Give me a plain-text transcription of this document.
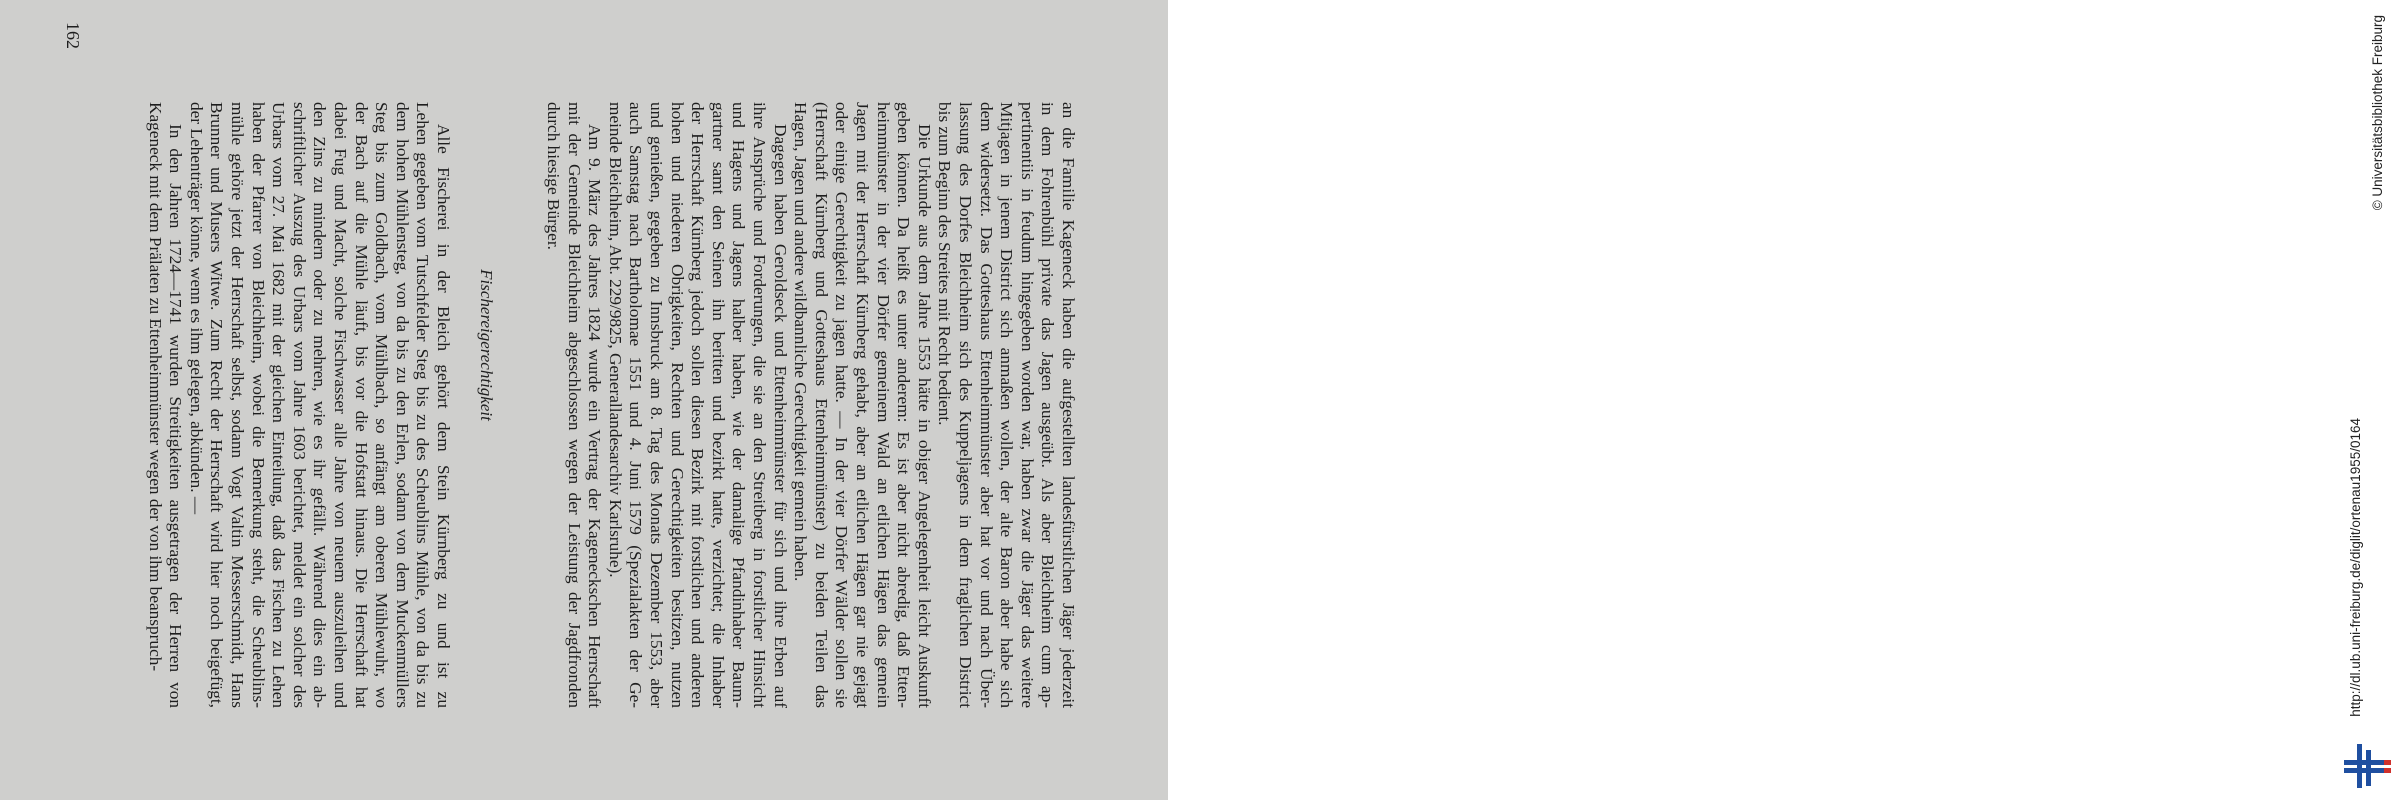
an die Familie Kageneck haben die aufgestellten landesfürstlichen Jäger jederzeit
in dem Fohrenbühl private das Jagen ausgeübt. Als aber Bleichheim cum ap-
pertinentiis in feudum hingegeben worden war, haben zwar die Jäger das weitere
Mitjagen in jenem District sich anmaßen wollen, der alte Baron aber habe sich
dem widersetzt. Das Gotteshaus Ettenheimmünster aber hat vor und nach Über-
lassung des Dorfes Bleichheim sich des Kuppeljagens in dem fraglichen District
bis zum Beginn des Streites mit Recht bedient.
Die Urkunde aus dem Jahre 1553 hätte in obiger Angelegenheit leicht Auskunft
geben können. Da heißt es unter anderem: Es ist aber nicht abredig, daß Etten-
heimmünster in der vier Dörfer gemeinem Wald an etlichen Hägen das gemein
Jagen mit der Herrschaft Kürnberg gehabt, aber an etlichen Hägen gar nie gejagt
oder einige Gerechtigkeit zu jagen hatte. — In der vier Dörfer Wälder sollen sie
(Herrschaft Kürnberg und Gotteshaus Ettenheimmünster) zu beiden Teilen das
Hagen, Jagen und andere wildbannliche Gerechtigkeit gemein haben.
Dagegen haben Geroldseck und Ettenheimmünster für sich und ihre Erben auf
ihre Ansprüche und Forderungen, die sie an den Streitberg in forstlicher Hinsicht
und Hagens und Jagens halber haben, wie der damalige Pfandinhaber Baum-
gartner samt den Seinen ihn beritten und bezirkt hatte, verzichtet; die Inhaber
der Herrschaft Kürnberg jedoch sollen diesen Bezirk mit forstlichen und anderen
hohen und niederen Obrigkeiten, Rechten und Gerechtigkeiten besitzen, nutzen
und genießen, gegeben zu Innsbruck am 8. Tag des Monats Dezember 1553, aber
auch Samstag nach Bartholomae 1551 und 4. Juni 1579 (Spezialakten der Ge-
meinde Bleichheim, Abt. 229/9825, Generallandesarchiv Karlsruhe).
Am 9. März des Jahres 1824 wurde ein Vertrag der Kageneckschen Herrschaft
mit der Gemeinde Bleichheim abgeschlossen wegen der Leistung der Jagdfronden
durch hiesige Bürger.
Fischereigerechtigkeit
Alle Fischerei in der Bleich gehört dem Stein Kürnberg zu und ist zu
Lehen gegeben vom Tutschfelder Steg bis zu des Scheublins Mühle, von da bis zu
dem hohen Mühlensteg, von da bis zu den Erlen, sodann von dem Muckenmüllers
Steg bis zum Goldbach, vom Mühlbach, so anfängt am oberen Mühlewuhr, wo
der Bach auf die Mühle läuft, bis vor die Hofstatt hinaus. Die Herrschaft hat
dabei Fug und Macht, solche Fischwasser alle Jahre von neuem auszuleihen und
den Zins zu mindern oder zu mehren, wie es ihr gefällt. Während dies ein ab-
schriftlicher Auszug des Urbars vom Jahre 1603 berichtet, meldet ein solcher des
Urbars vom 27. Mai 1682 mit der gleichen Einteilung, daß das Fischen zu Lehen
haben der Pfarrer von Bleichheim, wobei die Bemerkung steht, die Scheublins-
mühle gehöre jetzt der Herrschaft selbst, sodann Vogt Valtin Messerschmidt, Hans
Brunner und Musers Witwe. Zum Recht der Herrschaft wird hier noch beigefügt,
der Lehenträger könne, wenn es ihm gelegen, abkünden. —
In den Jahren 1724—1741 wurden Streitigkeiten ausgetragen der Herren von
Kageneck mit dem Prälaten zu Ettenheimmünster wegen der von ihm beanspruch-
162
http://dl.ub.uni-freiburg.de/diglit/ortenau1955/0164
© Universitätsbibliothek Freiburg
